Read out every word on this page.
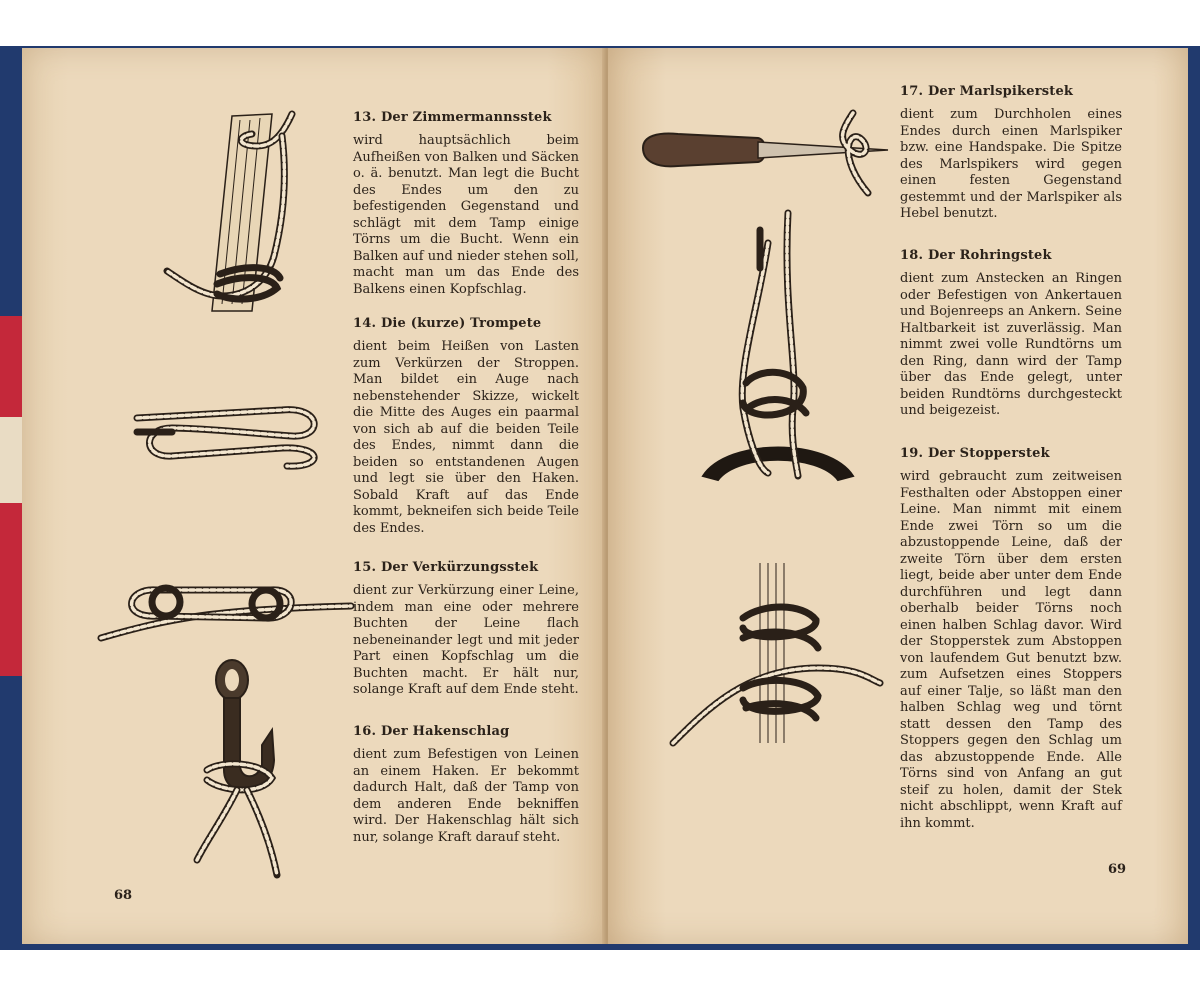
13. Der Zimmermannsstek

wird hauptsächlich beim Aufheißen von Balken und Säcken o. ä. benutzt. Man legt die Bucht des Endes um den zu befestigenden Gegenstand und schlägt mit dem Tamp einige Törns um die Bucht. Wenn ein Balken auf und nieder stehen soll, macht man um das Ende des Balkens einen Kopfschlag.

14. Die (kurze) Trompete

dient beim Heißen von Lasten zum Verkürzen der Stroppen. Man bildet ein Auge nach nebenstehender Skizze, wickelt die Mitte des Auges ein paarmal von sich ab auf die beiden Teile des Endes, nimmt dann die beiden so entstandenen Augen und legt sie über den Haken. Sobald Kraft auf das Ende kommt, bekneifen sich beide Teile des Endes.

15. Der Verkürzungsstek

dient zur Verkürzung einer Leine, indem man eine oder mehrere Buchten der Leine flach nebeneinander legt und mit jeder Part einen Kopfschlag um die Buchten macht. Er hält nur, solange Kraft auf dem Ende steht.

16. Der Hakenschlag

dient zum Befestigen von Leinen an einem Haken. Er bekommt dadurch Halt, daß der Tamp von dem anderen Ende bekniffen wird. Der Hakenschlag hält sich nur, solange Kraft darauf steht.

68

17. Der Marlspikerstek

dient zum Durchholen eines Endes durch einen Marlspiker bzw. eine Handspake. Die Spitze des Marlspikers wird gegen einen festen Gegenstand gestemmt und der Marlspiker als Hebel benutzt.

18. Der Rohringstek

dient zum Anstecken an Ringen oder Befestigen von Ankertauen und Bojenreeps an Ankern. Seine Haltbarkeit ist zuverlässig. Man nimmt zwei volle Rundtörns um den Ring, dann wird der Tamp über das Ende gelegt, unter beiden Rundtörns durchgesteckt und beigezeist.

19. Der Stopperstek

wird gebraucht zum zeitweisen Festhalten oder Abstoppen einer Leine. Man nimmt mit einem Ende zwei Törn so um die abzustoppende Leine, daß der zweite Törn über dem ersten liegt, beide aber unter dem Ende durchführen und legt dann oberhalb beider Törns noch einen halben Schlag davor. Wird der Stopperstek zum Abstoppen von laufendem Gut benutzt bzw. zum Aufsetzen eines Stoppers auf einer Talje, so läßt man den halben Schlag weg und törnt statt dessen den Tamp des Stoppers gegen den Schlag um das abzustoppende Ende. Alle Törns sind von Anfang an gut steif zu holen, damit der Stek nicht abschlippt, wenn Kraft auf ihn kommt.

69
